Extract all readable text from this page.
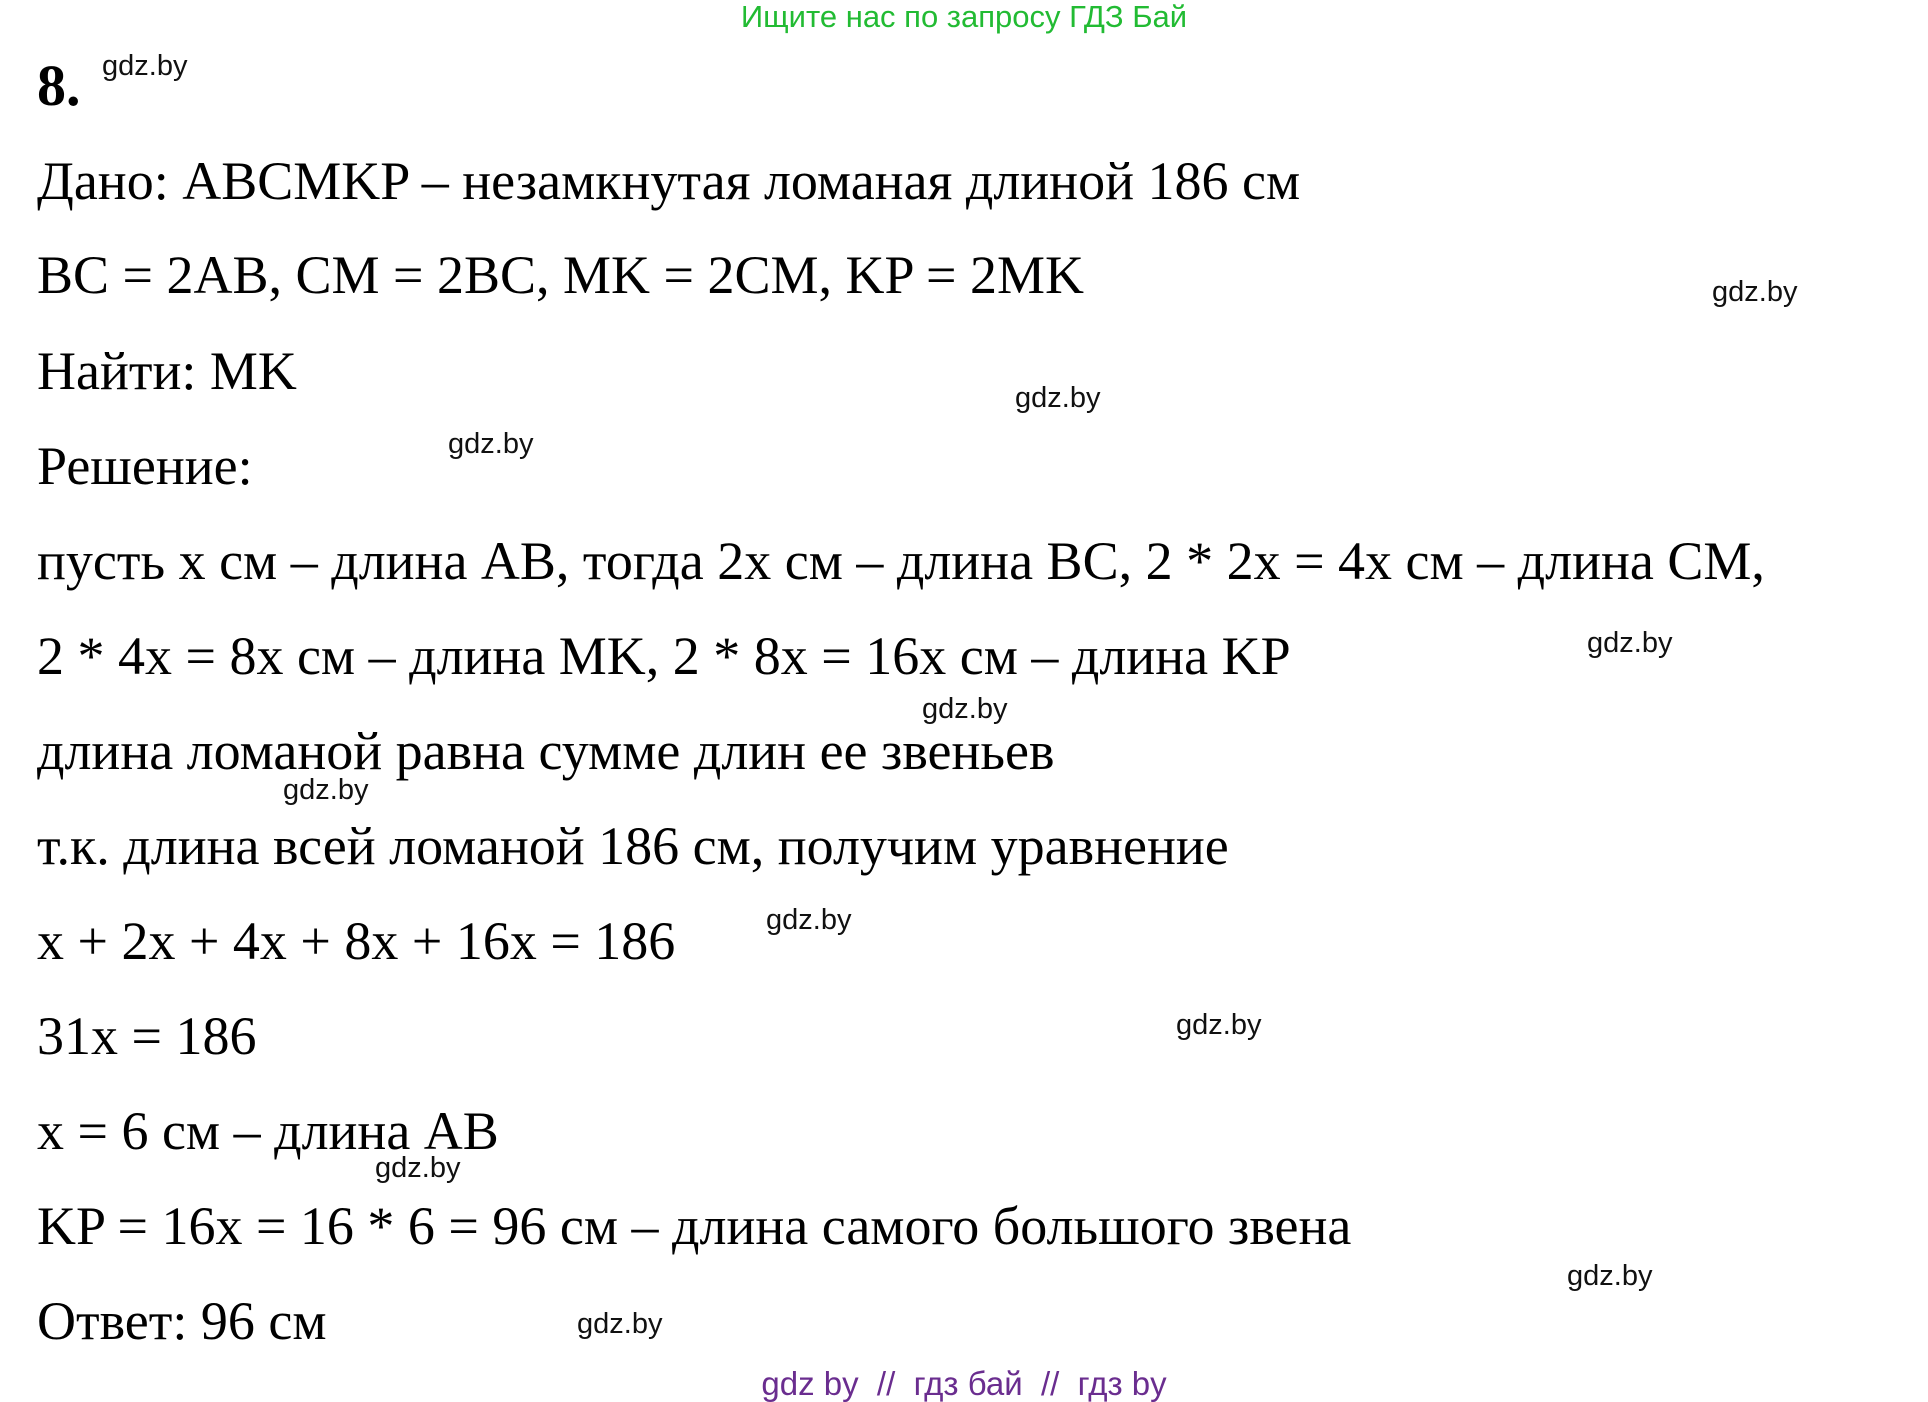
Ищите нас по запросу ГДЗ Бай
8.
Дано: ABCMKP – незамкнутая ломаная длиной 186 см
BC = 2AB, CM = 2BC, MK = 2CM, KP = 2MK
Найти: MK
Решение:
пусть х см – длина AB, тогда 2х см – длина BC, 2 * 2х = 4х см – длина CM,
2 * 4х = 8х см – длина MK, 2 * 8х = 16х см – длина KP
длина ломаной равна сумме длин ее звеньев
т.к. длина всей ломаной 186 см, получим уравнение
х + 2х + 4х + 8х + 16х = 186
31х = 186
х = 6 см – длина AB
KP = 16х = 16 * 6 = 96 см – длина самого большого звена
Ответ: 96 см
gdz.by
gdz.by
gdz.by
gdz.by
gdz.by
gdz.by
gdz.by
gdz.by
gdz.by
gdz.by
gdz.by
gdz.by
gdz by  //  гдз бай  //  гдз by
